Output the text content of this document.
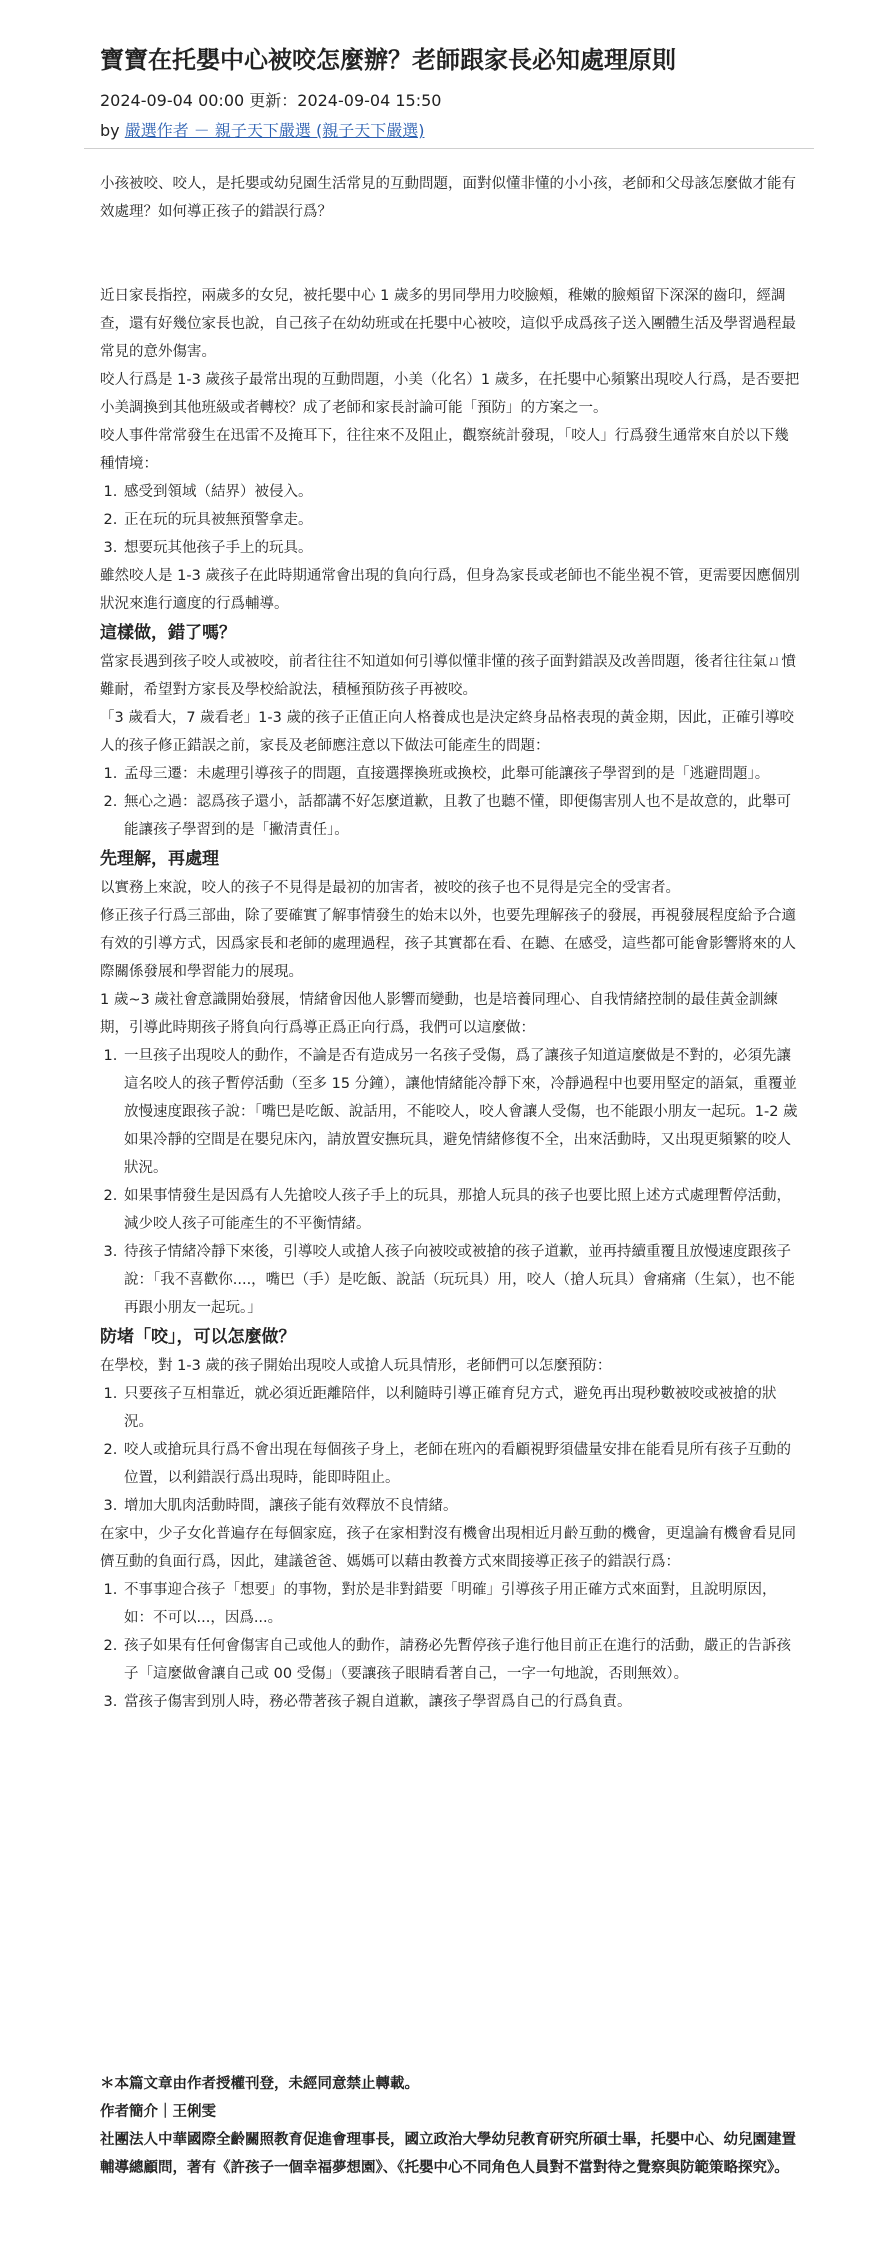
寶寶在托嬰中心被咬怎麼辦？老師跟家長必知處理原則
2024-09-04 00:00 更新：2024-09-04 15:50
by 嚴選作者 － 親子天下嚴選 (親子天下嚴選)

小孩被咬、咬人，是托嬰或幼兒園生活常見的互動問題，面對似懂非懂的小小孩，老師和父母該怎麼做才能有效處理？如何導正孩子的錯誤行爲？

近日家長指控，兩歲多的女兒，被托嬰中心 1 歲多的男同學用力咬臉頰，稚嫩的臉頰留下深深的齒印，經調查，還有好幾位家長也說，自己孩子在幼幼班或在托嬰中心被咬，這似乎成爲孩子送入團體生活及學習過程最常見的意外傷害。

咬人行爲是 1-3 歲孩子最常出現的互動問題，小美（化名）1 歲多，在托嬰中心頻繁出現咬人行爲，是否要把小美調換到其他班級或者轉校？成了老師和家長討論可能「預防」的方案之一。

咬人事件常常發生在迅雷不及掩耳下，往往來不及阻止，觀察統計發現，「咬人」行爲發生通常來自於以下幾種情境：

1. 感受到領域（結界）被侵入。
2. 正在玩的玩具被無預警拿走。
3. 想要玩其他孩子手上的玩具。

雖然咬人是 1-3 歲孩子在此時期通常會出現的負向行爲，但身為家長或老師也不能坐視不管，更需要因應個別狀況來進行適度的行爲輔導。

這樣做，錯了嗎？

當家長遇到孩子咬人或被咬，前者往往不知道如何引導似懂非懂的孩子面對錯誤及改善問題，後者往往氣ㄩ憤難耐，希望對方家長及學校給說法，積極預防孩子再被咬。

「3 歲看大，7 歲看老」1-3 歲的孩子正值正向人格養成也是決定終身品格表現的黃金期，因此，正確引導咬人的孩子修正錯誤之前，家長及老師應注意以下做法可能產生的問題：

1. 孟母三遷：未處理引導孩子的問題，直接選擇換班或換校，此舉可能讓孩子學習到的是「逃避問題」。
2. 無心之過：認爲孩子還小，話都講不好怎麼道歉，且教了也聽不懂，即便傷害別人也不是故意的，此舉可能讓孩子學習到的是「撇清責任」。

先理解，再處理

以實務上來說，咬人的孩子不見得是最初的加害者，被咬的孩子也不見得是完全的受害者。

修正孩子行爲三部曲，除了要確實了解事情發生的始末以外，也要先理解孩子的發展，再視發展程度給予合適有效的引導方式，因爲家長和老師的處理過程，孩子其實都在看、在聽、在感受，這些都可能會影響將來的人際關係發展和學習能力的展現。

1 歲~3 歲社會意識開始發展，情緒會因他人影響而變動，也是培養同理心、自我情緒控制的最佳黃金訓練期，引導此時期孩子將負向行爲導正爲正向行爲，我們可以這麼做：

1. 一旦孩子出現咬人的動作，不論是否有造成另一名孩子受傷，爲了讓孩子知道這麼做是不對的，必須先讓這名咬人的孩子暫停活動（至多 15 分鐘），讓他情緒能冷靜下來，冷靜過程中也要用堅定的語氣，重覆並放慢速度跟孩子說：「嘴巴是吃飯、說話用，不能咬人，咬人會讓人受傷，也不能跟小朋友一起玩。1-2 歲如果冷靜的空間是在嬰兒床內，請放置安撫玩具，避免情緒修復不全，出來活動時，又出現更頻繁的咬人狀況。
2. 如果事情發生是因爲有人先搶咬人孩子手上的玩具，那搶人玩具的孩子也要比照上述方式處理暫停活動，減少咬人孩子可能產生的不平衡情緒。
3. 待孩子情緒冷靜下來後，引導咬人或搶人孩子向被咬或被搶的孩子道歉，並再持續重覆且放慢速度跟孩子說：「我不喜歡你....，嘴巴（手）是吃飯、說話（玩玩具）用，咬人（搶人玩具）會痛痛（生氣），也不能再跟小朋友一起玩。」

防堵「咬」，可以怎麼做？

在學校，對 1-3 歲的孩子開始出現咬人或搶人玩具情形，老師們可以怎麼預防：

1. 只要孩子互相靠近，就必須近距離陪伴，以利隨時引導正確育兒方式，避免再出現秒數被咬或被搶的狀況。
2. 咬人或搶玩具行爲不會出現在每個孩子身上，老師在班內的看顧視野須儘量安排在能看見所有孩子互動的位置，以利錯誤行爲出現時，能即時阻止。
3. 增加大肌肉活動時間，讓孩子能有效釋放不良情緒。

在家中，少子女化普遍存在每個家庭，孩子在家相對沒有機會出現相近月齡互動的機會，更遑論有機會看見同儕互動的負面行爲，因此，建議爸爸、媽媽可以藉由教養方式來間接導正孩子的錯誤行爲：

1. 不事事迎合孩子「想要」的事物，對於是非對錯要「明確」引導孩子用正確方式來面對，且說明原因，如：不可以...，因爲...。
2. 孩子如果有任何會傷害自己或他人的動作，請務必先暫停孩子進行他目前正在進行的活動，嚴正的告訴孩子「這麼做會讓自己或 00 受傷」（要讓孩子眼睛看著自己，一字一句地說，否則無效）。
3. 當孩子傷害到別人時，務必帶著孩子親自道歉，讓孩子學習爲自己的行爲負責。

＊本篇文章由作者授權刊登，未經同意禁止轉載。

作者簡介｜王俐雯

社團法人中華國際全齡關照教育促進會理事長，國立政治大學幼兒教育研究所碩士畢，托嬰中心、幼兒園建置輔導總顧問，著有《許孩子一個幸福夢想園》、《托嬰中心不同角色人員對不當對待之覺察與防範策略探究》。
